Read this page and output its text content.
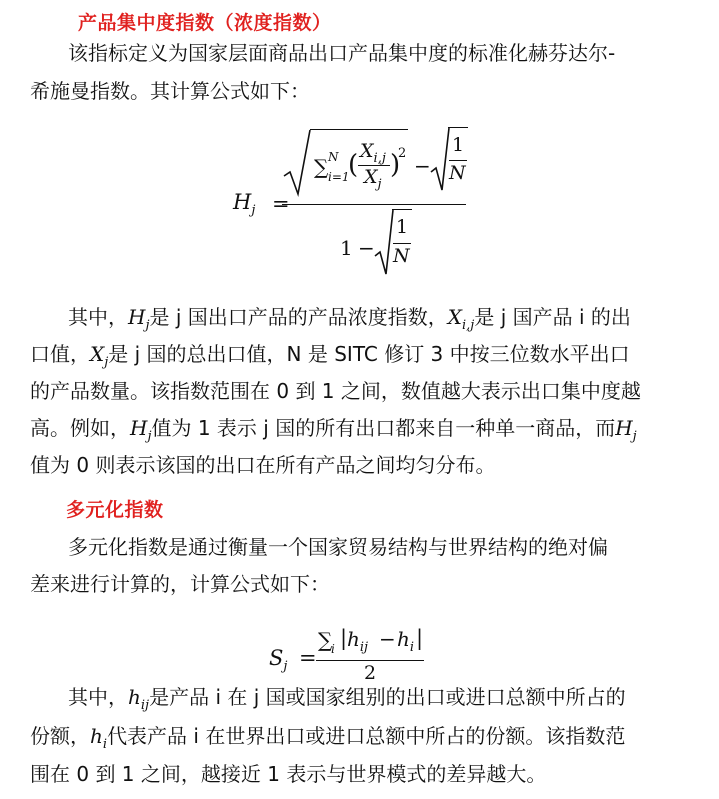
产品集中度指数（浓度指数）

该指标定义为国家层面商品出口产品集中度的标准化赫芬达尔-

希施曼指数。其计算公式如下：

$H_j$ =
∑ N
i=1
( $X_{i,j}$
$X_j$
)
2
−
1
N
1 −
1
N

其中，$H_j$是 j 国出口产品的产品浓度指数，$X_{i,j}$是 j 国产品 i 的出

口值，$X_j$是 j 国的总出口值，N 是 SITC 修订 3 中按三位数水平出口

的产品数量。该指数范围在 0 到 1 之间，数值越大表示出口集中度越

高。例如，$H_j$值为 1 表示 j 国的所有出口都来自一种单一商品，而$H_j$

值为 0 则表示该国的出口在所有产品之间均匀分布。

多元化指数

多元化指数是通过衡量一个国家贸易结构与世界结构的绝对偏

差来进行计算的，计算公式如下：

$S_j$ =
∑
i | $h_{ij} - h_i$ |
2

其中，$h_{ij}$是产品 i 在 j 国或国家组别的出口或进口总额中所占的

份额，$h_i$代表产品 i 在世界出口或进口总额中所占的份额。该指数范

围在 0 到 1 之间，越接近 1 表示与世界模式的差异越大。
